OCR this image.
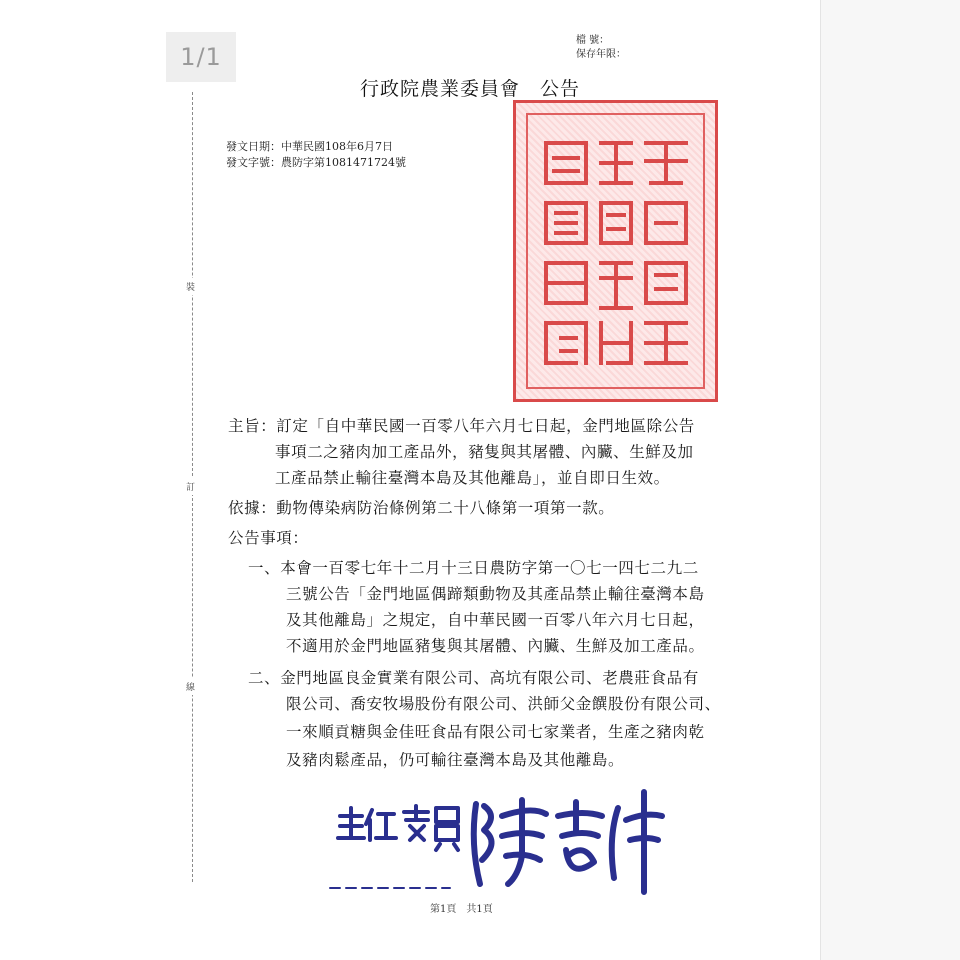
1/1
裝
訂
線
檔 號：
保存年限：
行政院農業委員會　公告
發文日期：中華民國108年6月7日
發文字號：農防字第1081471724號
主旨：訂定「自中華民國一百零八年六月七日起，金門地區除公告
事項二之豬肉加工產品外，豬隻與其屠體、內臟、生鮮及加
工產品禁止輸往臺灣本島及其他離島」，並自即日生效。
依據：動物傳染病防治條例第二十八條第一項第一款。
公告事項：
一、本會一百零七年十二月十三日農防字第一〇七一四七二九二
三號公告「金門地區偶蹄類動物及其產品禁止輸往臺灣本島
及其他離島」之規定，自中華民國一百零八年六月七日起，
不適用於金門地區豬隻與其屠體、內臟、生鮮及加工產品。
二、金門地區良金實業有限公司、高坑有限公司、老農莊食品有
限公司、喬安牧場股份有限公司、洪師父金饌股份有限公司、
一來順貢糖與金佳旺食品有限公司七家業者，生產之豬肉乾
及豬肉鬆產品，仍可輸往臺灣本島及其他離島。
第1頁　共1頁
